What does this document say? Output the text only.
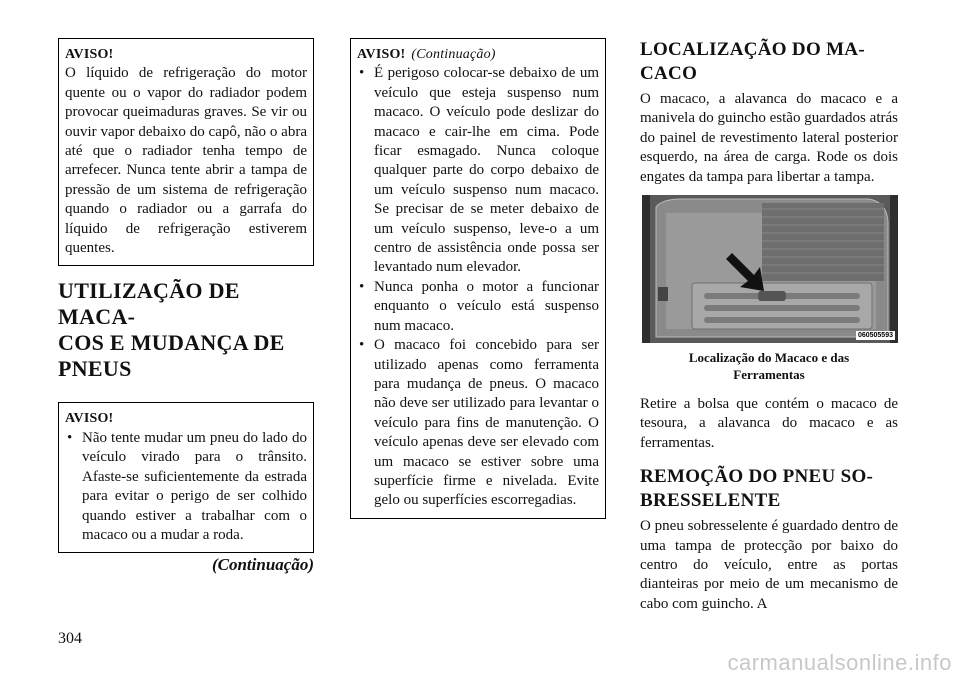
AVISO!

O líquido de refrigeração do motor quente ou o vapor do radiador podem provocar queimaduras graves. Se vir ou ouvir vapor debaixo do capô, não o abra até que o radiador tenha tempo de arrefecer. Nunca tente abrir a tampa de pressão de um sistema de refrigeração quando o radiador ou a garrafa do líquido de refrigeração estiverem quentes.

UTILIZAÇÃO DE MACA-
COS E MUDANÇA DE
PNEUS
AVISO!
• Não tente mudar um pneu do lado do veículo virado para o trânsito. Afaste-se suficientemente da estrada para evitar o perigo de ser colhido quando estiver a trabalhar com o macaco ou a mudar a roda.
(Continuação)
AVISO! (Continuação)
• É perigoso colocar-se debaixo de um veículo que esteja suspenso num macaco. O veículo pode deslizar do macaco e cair-lhe em cima. Pode ficar esmagado. Nunca coloque qualquer parte do corpo debaixo de um veículo suspenso num macaco. Se precisar de se meter debaixo de um veículo suspenso, leve-o a um centro de assistência onde possa ser levantado num elevador.
• Nunca ponha o motor a funcionar enquanto o veículo está suspenso num macaco.
• O macaco foi concebido para ser utilizado apenas como ferramenta para mudança de pneus. O macaco não deve ser utilizado para levantar o veículo para fins de manutenção. O veículo apenas deve ser elevado com um macaco se estiver sobre uma superfície firme e nivelada. Evite gelo ou superfícies escorregadias.
LOCALIZAÇÃO DO MA-
CACO

O macaco, a alavanca do macaco e a manivela do guincho estão guardados atrás do painel de revestimento lateral posterior esquerdo, na área de carga. Rode os dois engates da tampa para libertar a tampa.

060505593
Localização do Macaco e das
Ferramentas

Retire a bolsa que contém o macaco de tesoura, a alavanca do macaco e as ferramentas.

REMOÇÃO DO PNEU SO-
BRESSELENTE

O pneu sobresselente é guardado dentro de uma tampa de protecção por baixo do centro do veículo, entre as portas dianteiras por meio de um mecanismo de cabo com guincho. A

304
carmanualsonline.info
